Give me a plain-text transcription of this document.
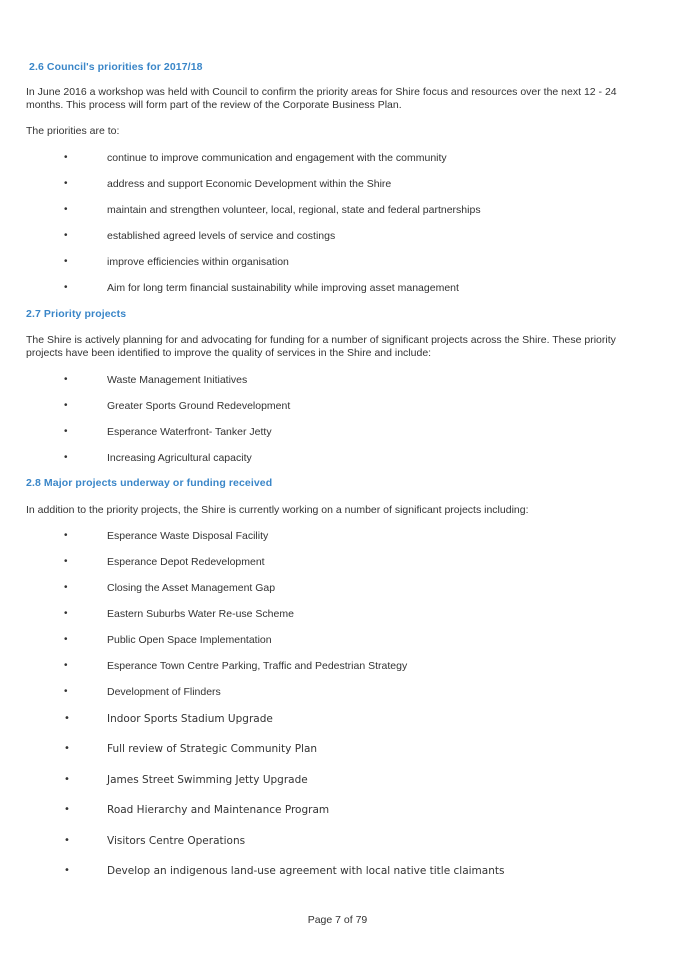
2.6 Council's priorities for 2017/18

In June 2016 a workshop was held with Council to confirm the priority areas for Shire focus and resources over the next 12 - 24 months. This process will form part of the review of the Corporate Business Plan.

The priorities are to:

•	continue to improve communication and engagement with the community
•	address and support Economic Development within the Shire
•	maintain and strengthen volunteer, local, regional, state and federal partnerships
•	established agreed levels of service and costings
•	improve efficiencies within organisation
•	Aim for long term financial sustainability while improving asset management
2.7 Priority projects

The Shire is actively planning for and advocating for funding for a number of significant projects across the Shire. These priority projects have been identified to improve the quality of services in the Shire and include:

•	Waste Management Initiatives
•	Greater Sports Ground Redevelopment
•	Esperance Waterfront- Tanker Jetty
•	Increasing Agricultural capacity
2.8 Major projects underway or funding received

In addition to the priority projects, the Shire is currently working on a number of significant projects including:

•	Esperance Waste Disposal Facility
•	Esperance Depot Redevelopment
•	Closing the Asset Management Gap
•	Eastern Suburbs Water Re-use Scheme
•	Public Open Space Implementation
•	Esperance Town Centre Parking, Traffic and Pedestrian Strategy
•	Development of Flinders
•	Indoor Sports Stadium Upgrade
•	Full review of Strategic Community Plan
•	James Street Swimming Jetty Upgrade
•	Road Hierarchy and Maintenance Program
•	Visitors Centre Operations
•	Develop an indigenous land-use agreement with local native title claimants
Page 7 of 79
